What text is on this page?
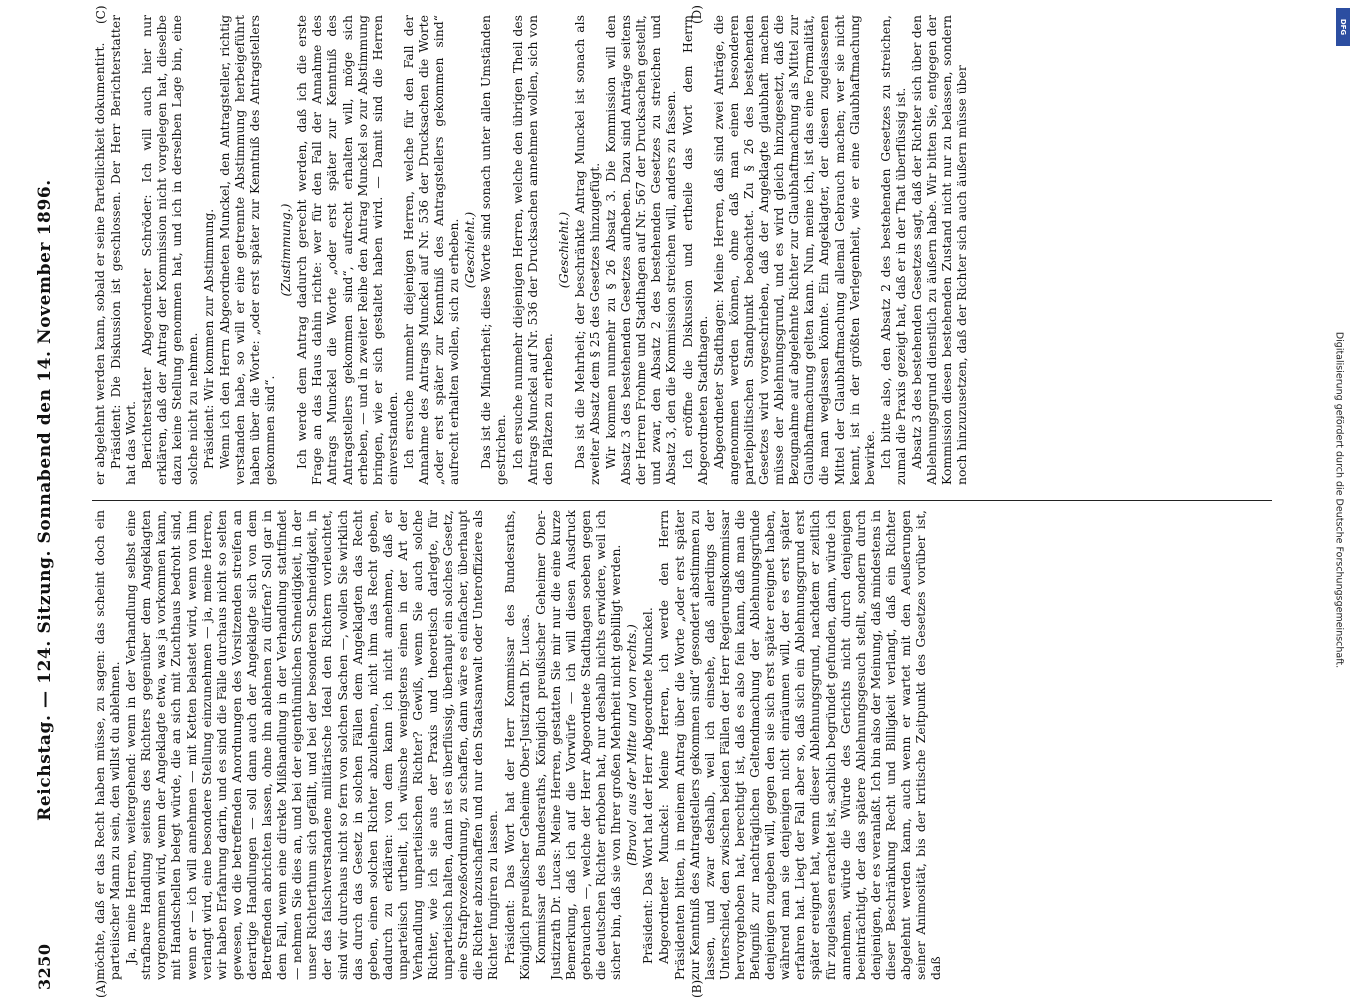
3250
Reichstag. — 124. Sitzung. Sonnabend den 14. November 1896.
(A)	(B)
(C)	(D)

möchte, daß er das Recht haben müsse, zu sagen: das scheint doch ein parteiischer Mann zu sein, den willst du ablehnen. Ja, meine Herren, weitergehend: wenn in der Verhandlung selbst eine strafbare Handlung seitens des Richters gegenüber dem Angeklagten vorgenommen wird, wenn der Angeklagte etwa, was ja vorkommen kann, mit Handschellen belegt würde, die an sich mit Zuchthaus bedroht sind, wenn er — ich will annehmen — mit Ketten belastet wird, wenn von ihm verlangt wird, eine besondere Stellung einzunehmen — ja, meine Herren, wir haben Erfahrung darin, und es sind die Fälle durchaus nicht so selten gewesen, wo die betreffenden Anordnungen des Vorsitzenden streifen an derartige Handlungen — soll dann auch der Angeklagte sich von dem Betreffenden abrichten lassen, ohne ihn ablehnen zu dürfen? Soll gar in dem Fall, wenn eine direkte Mißhandlung in der Verhandlung stattfindet — nehmen Sie dies an, und bei der eigenthümlichen Schneidigkeit, in der unser Richterthum sich gefällt, und bei der besonderen Schneidigkeit, in der das falschverstandene militärische Ideal den Richtern vorleuchtet, sind wir durchaus nicht so fern von solchen Sachen —, wollen Sie wirklich das durch das Gesetz in solchen Fällen dem Angeklagten das Recht geben, einen solchen Richter abzulehnen, nicht ihm das Recht geben, dadurch zu erklären: von dem kann ich nicht annehmen, daß er unparteiisch urtheilt, ich wünsche wenigstens einen in der Art der Verhandlung unparteiischen Richter? Gewiß, wenn Sie auch solche Richter, wie ich sie aus der Praxis und theoretisch darlegte, für unparteiisch halten, dann ist es überflüssig, überhaupt ein solches Gesetz, eine Strafprozeßordnung, zu schaffen, dann wäre es einfacher, überhaupt die Richter abzuschaffen und nur den Staatsanwalt oder Unteroffiziere als Richter fungiren zu lassen. Präsident: Das Wort hat der Herr Kommissar des Bundesraths, Königlich preußischer Geheime Ober-Justizrath Dr. Lucas. Kommissar des Bundesraths, Königlich preußischer Geheimer Ober-Justizrath Dr. Lucas: Meine Herren, gestatten Sie mir nur die eine kurze Bemerkung, daß ich auf die Vorwürfe — ich will diesen Ausdruck gebrauchen —, welche der Herr Abgeordnete Stadthagen soeben gegen die deutschen Richter erhoben hat, nur deshalb nichts erwidere, weil ich sicher bin, daß sie von Ihrer großen Mehrheit nicht gebilligt werden. (Bravo! aus der Mitte und von rechts.) Präsident: Das Wort hat der Herr Abgeordnete Munckel. Abgeordneter Munckel: Meine Herren, ich werde den Herrn Präsidenten bitten, in meinem Antrag über die Worte „oder erst später zur Kenntniß des Antragstellers gekommen sind“ gesondert abstimmen zu lassen, und zwar deshalb, weil ich einsehe, daß allerdings der Unterschied, den zwischen beiden Fällen der Herr Regierungskommissar hervorgehoben hat, berechtigt ist, daß es also fein kann, daß man die Befugniß zur nachträglichen Geltendmachung der Ablehnungsgründe denjenigen zugeben will, gegen den sie sich erst später ereignet haben, während man sie denjenigen nicht einräumen will, der es erst später erfahren hat. Liegt der Fall aber so, daß sich ein Ablehnungsgrund erst später ereignet hat, wenn dieser Ablehnungsgrund, nachdem er zeitlich für zugelassen erachtet ist, sachlich begründet gefunden, dann, würde ich annehmen, würde die Würde des Gerichts nicht durch denjenigen beeinträchtigt, der das spätere Ablehnungsgesuch stellt, sondern durch denjenigen, der es veranlaßt. Ich bin also der Meinung, daß mindestens in dieser Beschränkung Recht und Billigkeit verlangt, daß ein Richter abgelehnt werden kann, auch wenn er wartet mit den Aeußerungen seiner Animosität, bis der kritische Zeitpunkt des Gesetzes vorüber ist, daß

er abgelehnt werden kann, sobald er seine Parteilichkeit dokumentirt. Präsident: Die Diskussion ist geschlossen. Der Herr Berichterstatter hat das Wort. Berichterstatter Abgeordneter Schröder: Ich will auch hier nur erklären, daß der Antrag der Kommission nicht vorgelegen hat, dieselbe dazu keine Stellung genommen hat, und ich in derselben Lage bin, eine solche nicht zu nehmen. Präsident: Wir kommen zur Abstimmung. Wenn ich den Herrn Abgeordneten Munckel, den Antragsteller, richtig verstanden habe, so will er eine getrennte Abstimmung herbeigeführt haben über die Worte: „oder erst später zur Kenntniß des Antragstellers gekommen sind“.

(Zustimmung.) Ich werde dem Antrag dadurch gerecht werden, daß ich die erste Frage an das Haus dahin richte: wer für den Fall der Annahme des Antrags Munckel die Worte „oder erst später zur Kenntniß des Antragstellers gekommen sind“, aufrecht erhalten will, möge sich erheben, — und in zweiter Reihe den Antrag Munckel so zur Abstimmung bringen, wie er sich gestaltet haben wird. — Damit sind die Herren einverstanden. Ich ersuche nunmehr diejenigen Herren, welche für den Fall der Annahme des Antrags Munckel auf Nr. 536 der Drucksachen die Worte „oder erst später zur Kenntniß des Antragstellers gekommen sind“ aufrecht erhalten wollen, sich zu erheben. (Geschieht.) Das ist die Minderheit; diese Worte sind sonach unter allen Umständen gestrichen. Ich ersuche nunmehr diejenigen Herren, welche den übrigen Theil des Antrags Munckel auf Nr. 536 der Drucksachen annehmen wollen, sich von den Plätzen zu erheben.

(Geschieht.) Das ist die Mehrheit; der beschränkte Antrag Munckel ist sonach als zweiter Absatz dem § 25 des Gesetzes hinzugefügt. Wir kommen nunmehr zu § 26 Absatz 3. Die Kommission will den Absatz 3 des bestehenden Gesetzes aufheben. Dazu sind Anträge seitens der Herren Frohme und Stadthagen auf Nr. 567 der Drucksachen gestellt, und zwar, den Absatz 2 des bestehenden Gesetzes zu streichen und Absatz 3, den die Kommission streichen will, anders zu fassen. Ich eröffne die Diskussion und ertheile das Wort dem Herrn Abgeordneten Stadthagen. Abgeordneter Stadthagen: Meine Herren, daß sind zwei Anträge, die angenommen werden können, ohne daß man einen besonderen parteipolitischen Standpunkt beobachtet. Zu § 26 des bestehenden Gesetzes wird vorgeschrieben, daß der Angeklagte glaubhaft machen müsse der Ablehnungsgrund, und es wird gleich hinzugesetzt, daß die Bezugnahme auf abgelehnte Richter zur Glaubhaftmachung als Mittel zur Glaubhaftmachung gelten kann. Nun, meine ich, ist das eine Formalität, die man weglassen könnte. Ein Angeklagter, der diesen zugelassenen Mittel der Glaubhaftmachung allemal Gebrauch machen; wer sie nicht kennt, ist in der größten Verlegenheit, wie er eine Glaubhaftmachung bewirke. Ich bitte also, den Absatz 2 des bestehenden Gesetzes zu streichen, zumal die Praxis gezeigt hat, daß er in der That überflüssig ist. Absatz 3 des bestehenden Gesetzes sagt, daß der Richter sich über den Ablehnungsgrund dienstlich zu äußern habe. Wir bitten Sie, entgegen der Kommission diesen bestehenden Zustand nicht nur zu belassen, sondern noch hinzuzusetzen, daß der Richter sich auch äußern müsse über

Digitalisierung gefördert durch die Deutsche Forschungsgemeinschaft.
DFG
